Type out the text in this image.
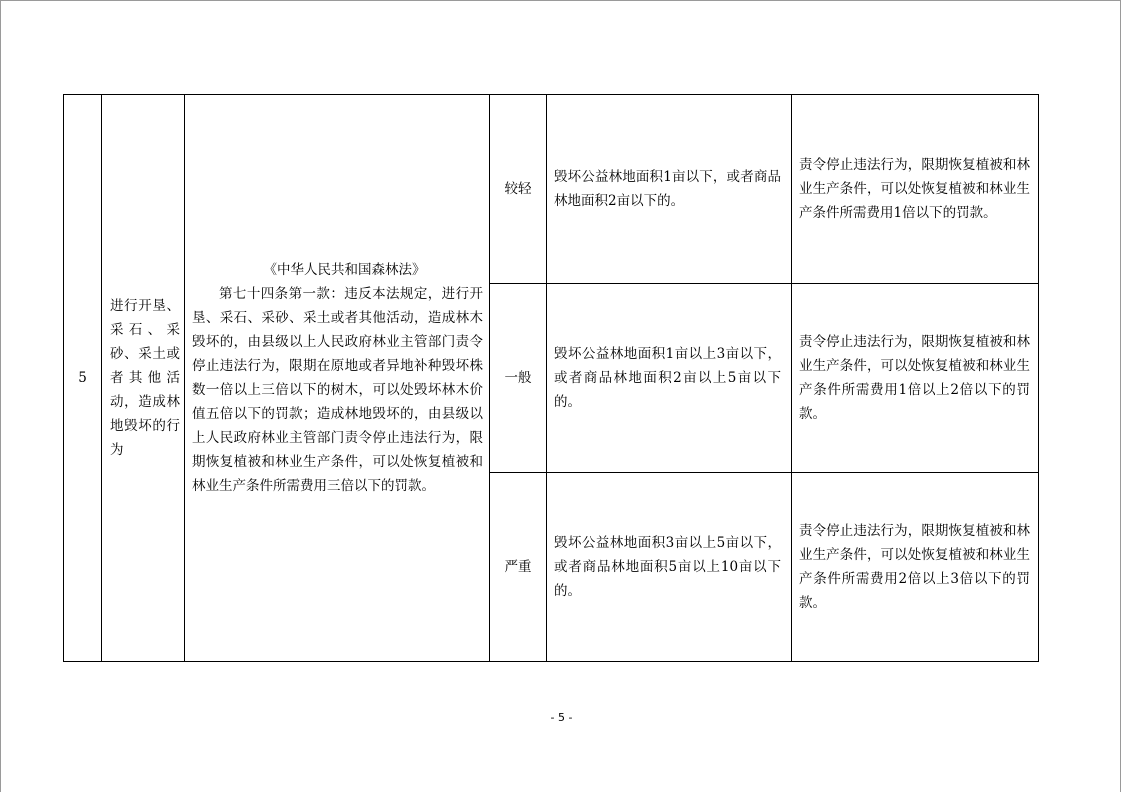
5	进行开垦、采石、采砂、采土或者其他活动，造成林地毁坏的行为	《中华人民共和国森林法》
第七十四条第一款：违反本法规定，进行开垦、采石、采砂、采土或者其他活动，造成林木毁坏的，由县级以上人民政府林业主管部门责令停止违法行为，限期在原地或者异地补种毁坏株数一倍以上三倍以下的树木，可以处毁坏林木价值五倍以下的罚款；造成林地毁坏的，由县级以上人民政府林业主管部门责令停止违法行为，限期恢复植被和林业生产条件，可以处恢复植被和林业生产条件所需费用三倍以下的罚款。	较轻	毁坏公益林地面积1亩以下，或者商品林地面积2亩以下的。	责令停止违法行为，限期恢复植被和林业生产条件，可以处恢复植被和林业生产条件所需费用1倍以下的罚款。

			一般	毁坏公益林地面积1亩以上3亩以下，或者商品林地面积2亩以上5亩以下的。	责令停止违法行为，限期恢复植被和林业生产条件，可以处恢复植被和林业生产条件所需费用1倍以上2倍以下的罚款。

			严重	毁坏公益林地面积3亩以上5亩以下，或者商品林地面积5亩以上10亩以下的。	责令停止违法行为，限期恢复植被和林业生产条件，可以处恢复植被和林业生产条件所需费用2倍以上3倍以下的罚款。
- 5 -
